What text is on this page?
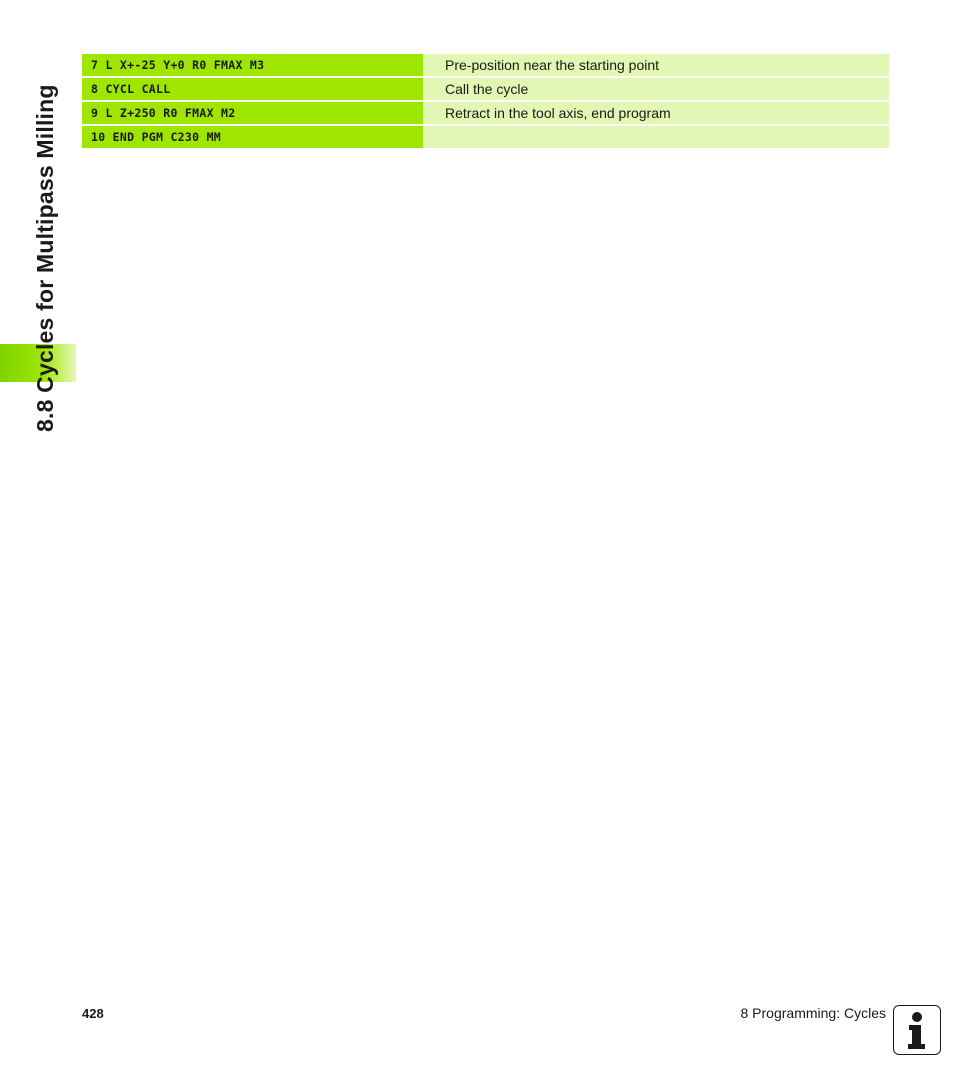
8.8 Cycles for Multipass Milling
7 L X+-25 Y+0 R0 FMAX M3	Pre-position near the starting point
8 CYCL CALL	Call the cycle
9 L Z+250 R0 FMAX M2	Retract in the tool axis, end program
10 END PGM C230 MM
428	8 Programming: Cycles
